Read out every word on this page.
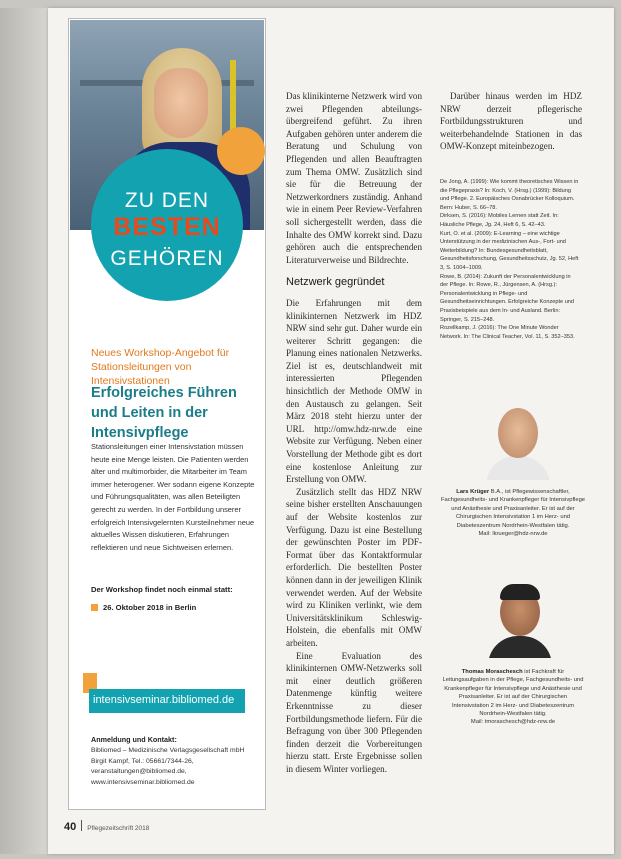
ZU DEN
BESTEN
GEHÖREN
Neues Workshop-Angebot für Stationsleitungen von Intensivstationen
Erfolgreiches Führen und Leiten in der Intensivpflege
Stationsleitungen einer Intensivstation müssen heute eine Menge leisten. Die Patienten werden älter und multimorbider, die Mitarbeiter im Team immer heterogener. Wer sodann eigene Konzepte und Führungsqualitäten, was allen Beteiligten gerecht zu werden. In der Fortbildung unserer erfolgreich Intensivgelernten Kursteilnehmer neue aktuelles Wissen diskutieren, Erfahrungen reflektieren und neue Sichtweisen erlernen.
Der Workshop findet noch einmal statt:
26. Oktober 2018 in Berlin
intensivseminar.bibliomed.de
Anmeldung und Kontakt:
Bibliomed – Medizinische Verlagsgesellschaft mbH
Birgit Kampf, Tel.: 05661/7344-26,
veranstaltungen@bibliomed.de,
www.intensivseminar.bibliomed.de

Das klinikinterne Netzwerk wird von zwei Pflegenden abteilungs-übergreifend geführt. Zu ihren Aufgaben gehören unter anderem die Beratung und Schulung von Pflegenden und allen Beauftragten zum Thema OMW. Zusätzlich sind sie für die Betreuung der Netzwerkordners zuständig. Anhand wie in einem Peer Review-Verfahren soll sichergestellt werden, dass die Inhalte des OMW korrekt sind. Dazu gehören auch die entsprechenden Literaturverweise und Bildrechte.

Netzwerk gegründet

Die Erfahrungen mit dem klinikinternen Netzwerk im HDZ NRW sind sehr gut. Daher wurde ein weiterer Schritt gegangen: die Planung eines nationalen Netzwerks. Ziel ist es, deutschlandweit mit interessierten Pflegenden hinsichtlich der Methode OMW in den Austausch zu gelangen. Seit März 2018 steht hierzu unter der URL http://omw.hdz-nrw.de eine Website zur Verfügung. Neben einer Vorstellung der Methode gibt es dort eine kostenlose Anleitung zur Erstellung von OMW.

Zusätzlich stellt das HDZ NRW seine bisher erstellten Anschauungen auf der Website kostenlos zur Verfügung. Dazu ist eine Bestellung der gewünschten Poster im PDF-Format über das Kontaktformular erforderlich. Die bestellten Poster können dann in der jeweiligen Klinik verwendet werden. Auf der Website wird zu Kliniken verlinkt, wie dem Universitätsklinikum Schleswig-Holstein, die ebenfalls mit OMW arbeiten.

Eine Evaluation des klinikinternen OMW-Netzwerks soll mit einer deutlich größeren Datenmenge künftig weitere Erkenntnisse zu dieser Fortbildungsmethode liefern. Für die Befragung von über 300 Pflegenden finden derzeit die Vorbereitungen hierzu statt. Erste Ergebnisse sollen in diesem Winter vorliegen.

Darüber hinaus werden im HDZ NRW derzeit pflegerische Fortbildungsstrukturen und weiterbehandelnde Stationen in das OMW-Konzept miteinbezogen.

De Jong, A. (1999): Wie kommt theoretisches Wissen in die Pflegepraxis? In: Koch, V. (Hrsg.) (1999): Bildung und Pflege. 2. Europäisches Osnabrücker Kolloquium. Bern: Huber, S. 66–78.

Dirksen, S. (2016): Mobiles Lernen statt Zeit. In: Häusliche Pflege, Jg. 24, Heft 6, S. 42–43.

Kurt, O. et al. (2009): E-Learning – eine wichtige Unterstützung in der medizinischen Aus-, Fort- und Weiterbildung? In: Bundesgesundheitsblatt, Gesundheitsforschung, Gesundheitsschutz, Jg. 52, Heft 3, S. 1004–1009.

Rowe, B. (2014): Zukunft der Personalentwicklung in der Pflege. In: Rowe, R., Jürgensen, A. (Hrsg.): Personalentwicklung in Pflege- und Gesundheitseinrichtungen. Erfolgreiche Konzepte und Praxisbeispiele aus dem In- und Ausland. Berlin: Springer, S. 215–248.

Rozellkamp, J. (2016): The One Minute Wonder Network. In: The Clinical Teacher, Vol. 11, S. 352–353.

Lars Krüger B.A., ist Pflegewissenschaftler, Fachgesundheits- und Krankenpfleger für Intensivpflege und Anästhesie und Praxisanleiter. Er ist auf der Chirurgischen Intensivstation 1 im Herz- und Diabeteszentrum Nordrhein-Westfalen tätig.
Mail: lkrueger@hdz-nrw.de
Thomas Moraschesch ist Fachkraft für Leitungsaufgaben in der Pflege, Fachgesundheits- und Krankenpfleger für Intensivpflege und Anästhesie und Praxisanleiter. Er ist auf der Chirurgischen Intensivstation 2 im Herz- und Diabeteszentrum Nordrhein-Westfalen tätig.
Mail: tmoraschesch@hdz-nrw.de
40 Pflegezeitschrift 2018
